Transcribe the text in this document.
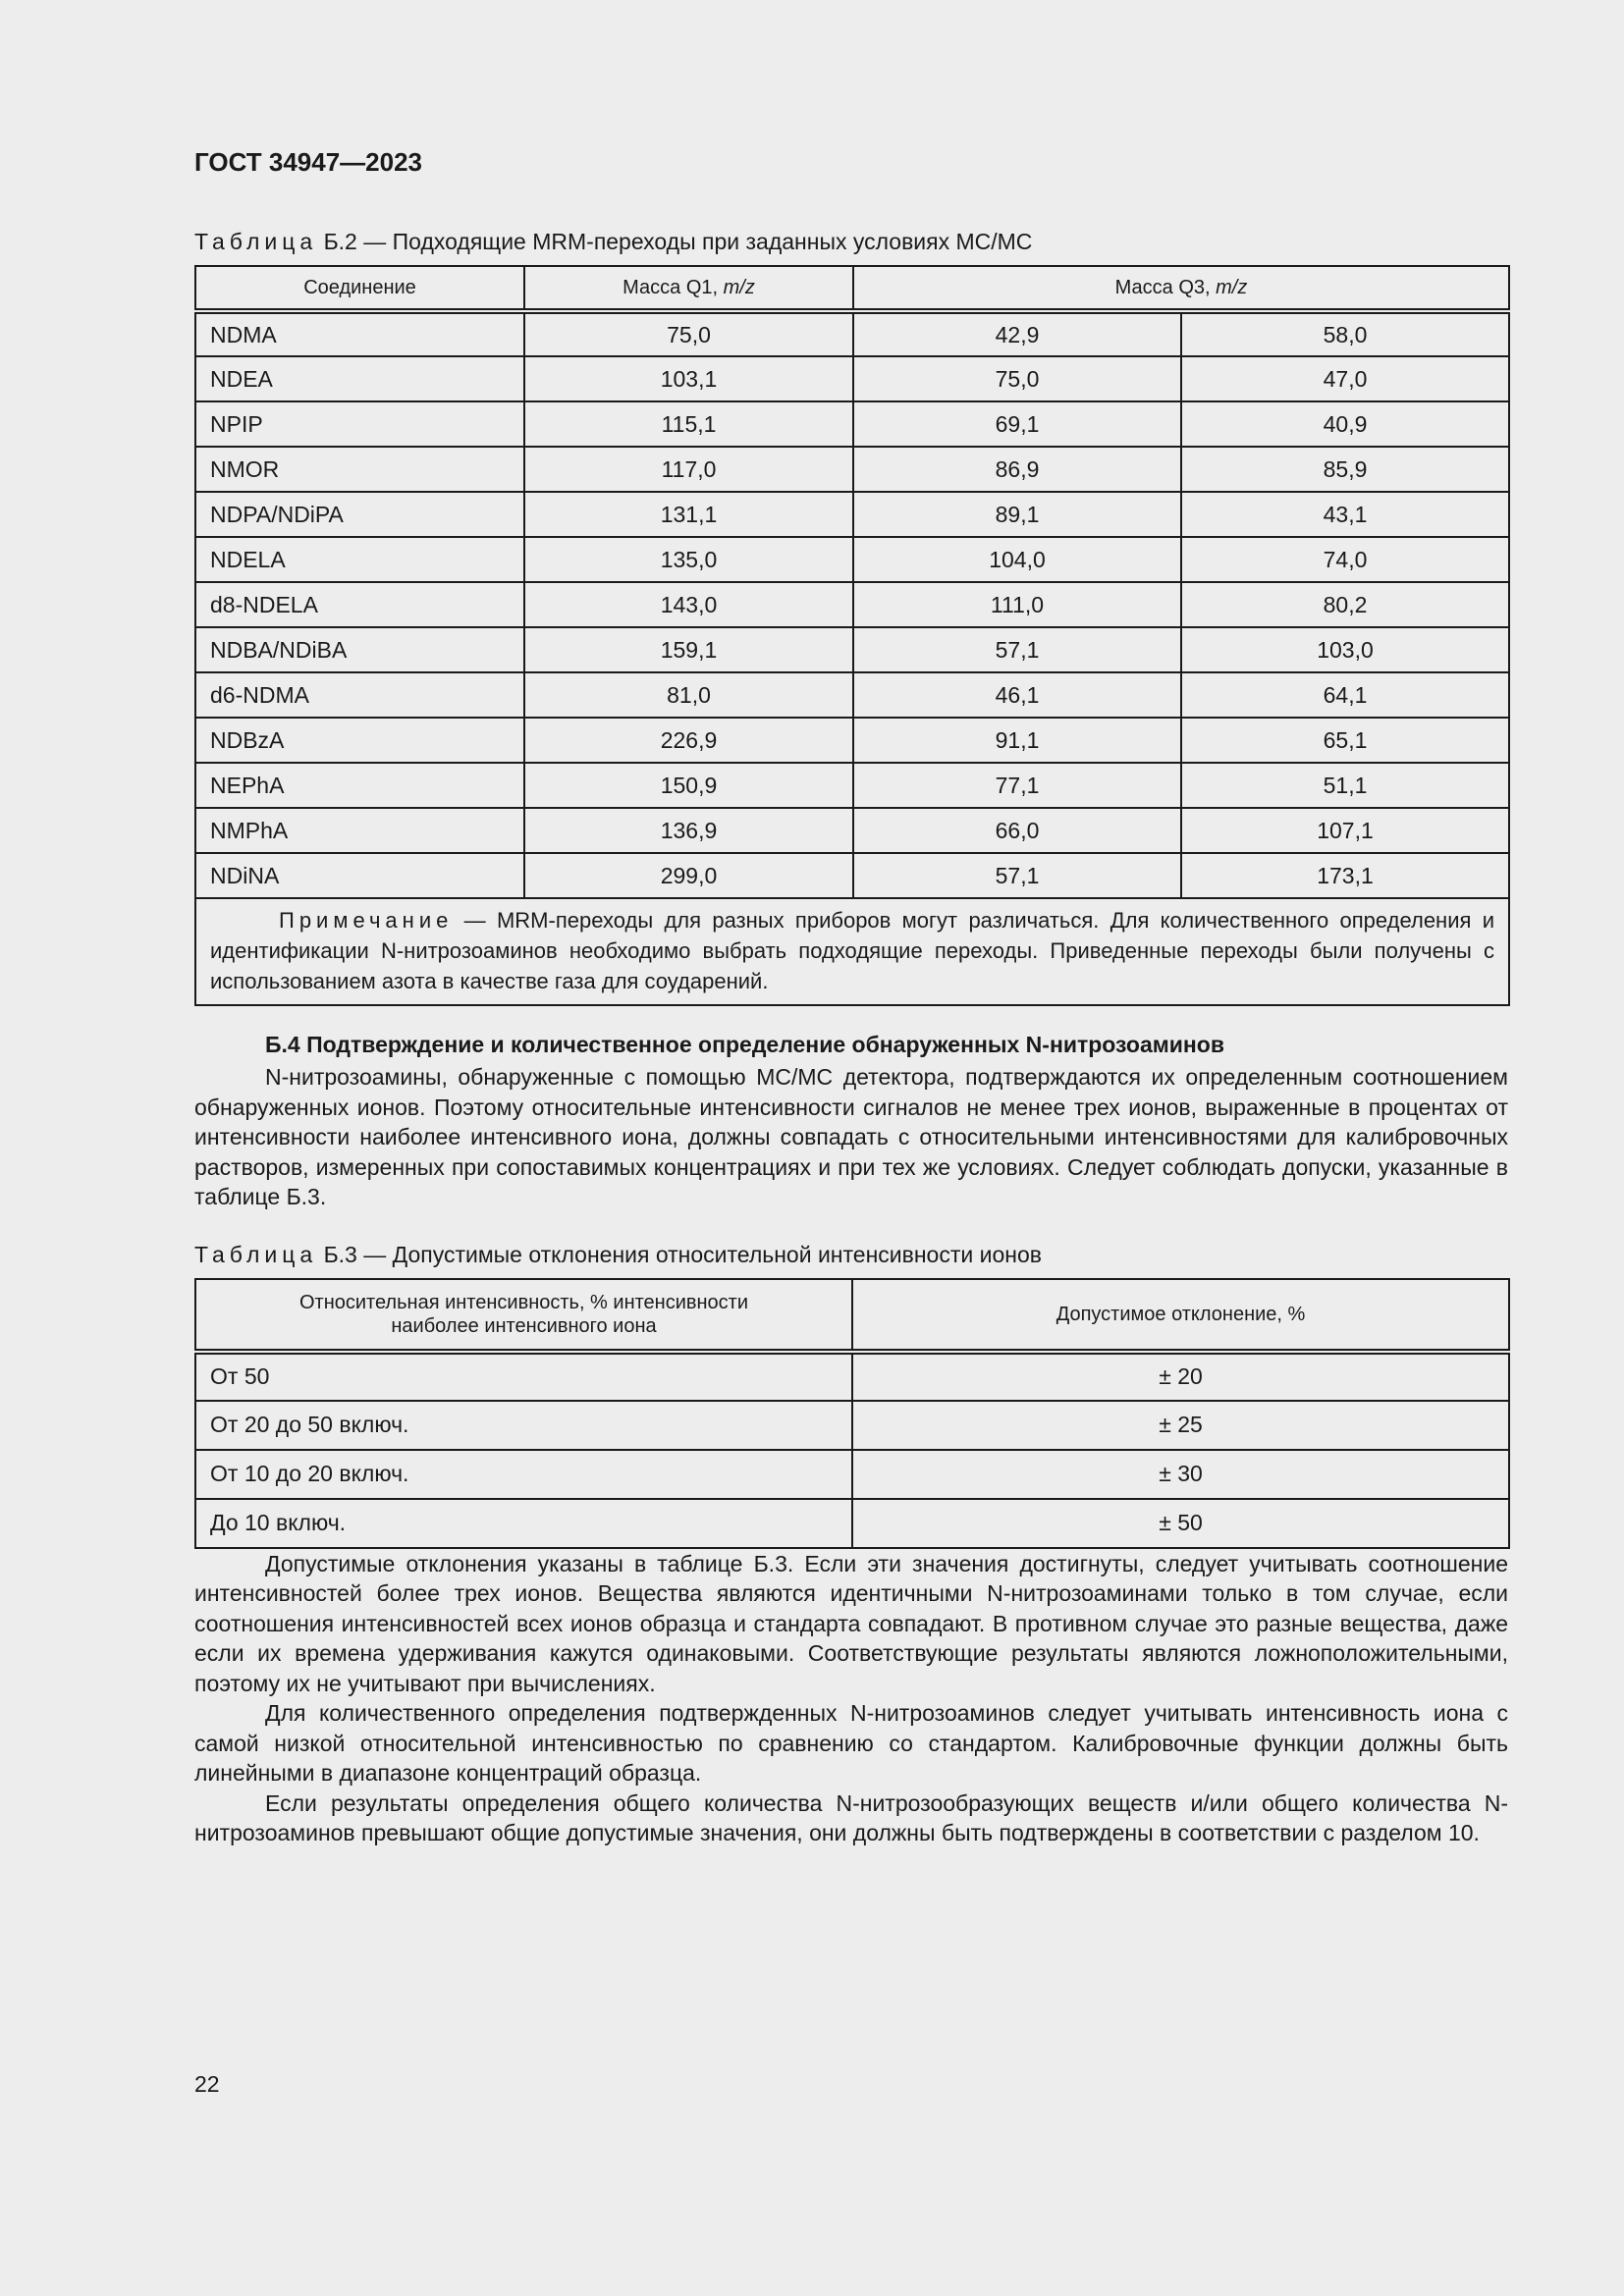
ГОСТ 34947—2023
Таблица Б.2 — Подходящие MRM-переходы при заданных условиях МС/МС
Соединение	Масса Q1, m/z	Масса Q3, m/z	
NDMA	75,0	42,9	58,0
NDEA	103,1	75,0	47,0
NPIP	115,1	69,1	40,9
NMOR	117,0	86,9	85,9
NDPA/NDiPA	131,1	89,1	43,1
NDELA	135,0	104,0	74,0
d8-NDELA	143,0	111,0	80,2
NDBA/NDiBA	159,1	57,1	103,0
d6-NDMA	81,0	46,1	64,1
NDBzA	226,9	91,1	65,1
NEPhA	150,9	77,1	51,1
NMPhA	136,9	66,0	107,1
NDiNA	299,0	57,1	173,1
Примечание — MRM-переходы для разных приборов могут различаться. Для количественного определения и идентификации N-нитрозоаминов необходимо выбрать подходящие переходы. Приведенные переходы были получены с использованием азота в качестве газа для соударений.			
Б.4 Подтверждение и количественное определение обнаруженных N-нитрозоаминов

N-нитрозоамины, обнаруженные с помощью МС/МС детектора, подтверждаются их определенным соотношением обнаруженных ионов. Поэтому относительные интенсивности сигналов не менее трех ионов, выраженные в процентах от интенсивности наиболее интенсивного иона, должны совпадать с относительными интенсивностями для калибровочных растворов, измеренных при сопоставимых концентрациях и при тех же условиях. Следует соблюдать допуски, указанные в таблице Б.3.

Таблица Б.3 — Допустимые отклонения относительной интенсивности ионов
Относительная интенсивность, % интенсивности наиболее интенсивного иона	Допустимое отклонение, %
От 50	± 20
От 20 до 50 включ.	± 25
От 10 до 20 включ.	± 30
До 10 включ.	± 50

Допустимые отклонения указаны в таблице Б.3. Если эти значения достигнуты, следует учитывать соотношение интенсивностей более трех ионов. Вещества являются идентичными N-нитрозоаминами только в том случае, если соотношения интенсивностей всех ионов образца и стандарта совпадают. В противном случае это разные вещества, даже если их времена удерживания кажутся одинаковыми. Соответствующие результаты являются ложноположительными, поэтому их не учитывают при вычислениях.

Для количественного определения подтвержденных N-нитрозоаминов следует учитывать интенсивность иона с самой низкой относительной интенсивностью по сравнению со стандартом. Калибровочные функции должны быть линейными в диапазоне концентраций образца.

Если результаты определения общего количества N-нитрозообразующих веществ и/или общего количества N-нитрозоаминов превышают общие допустимые значения, они должны быть подтверждены в соответствии с разделом 10.

22
